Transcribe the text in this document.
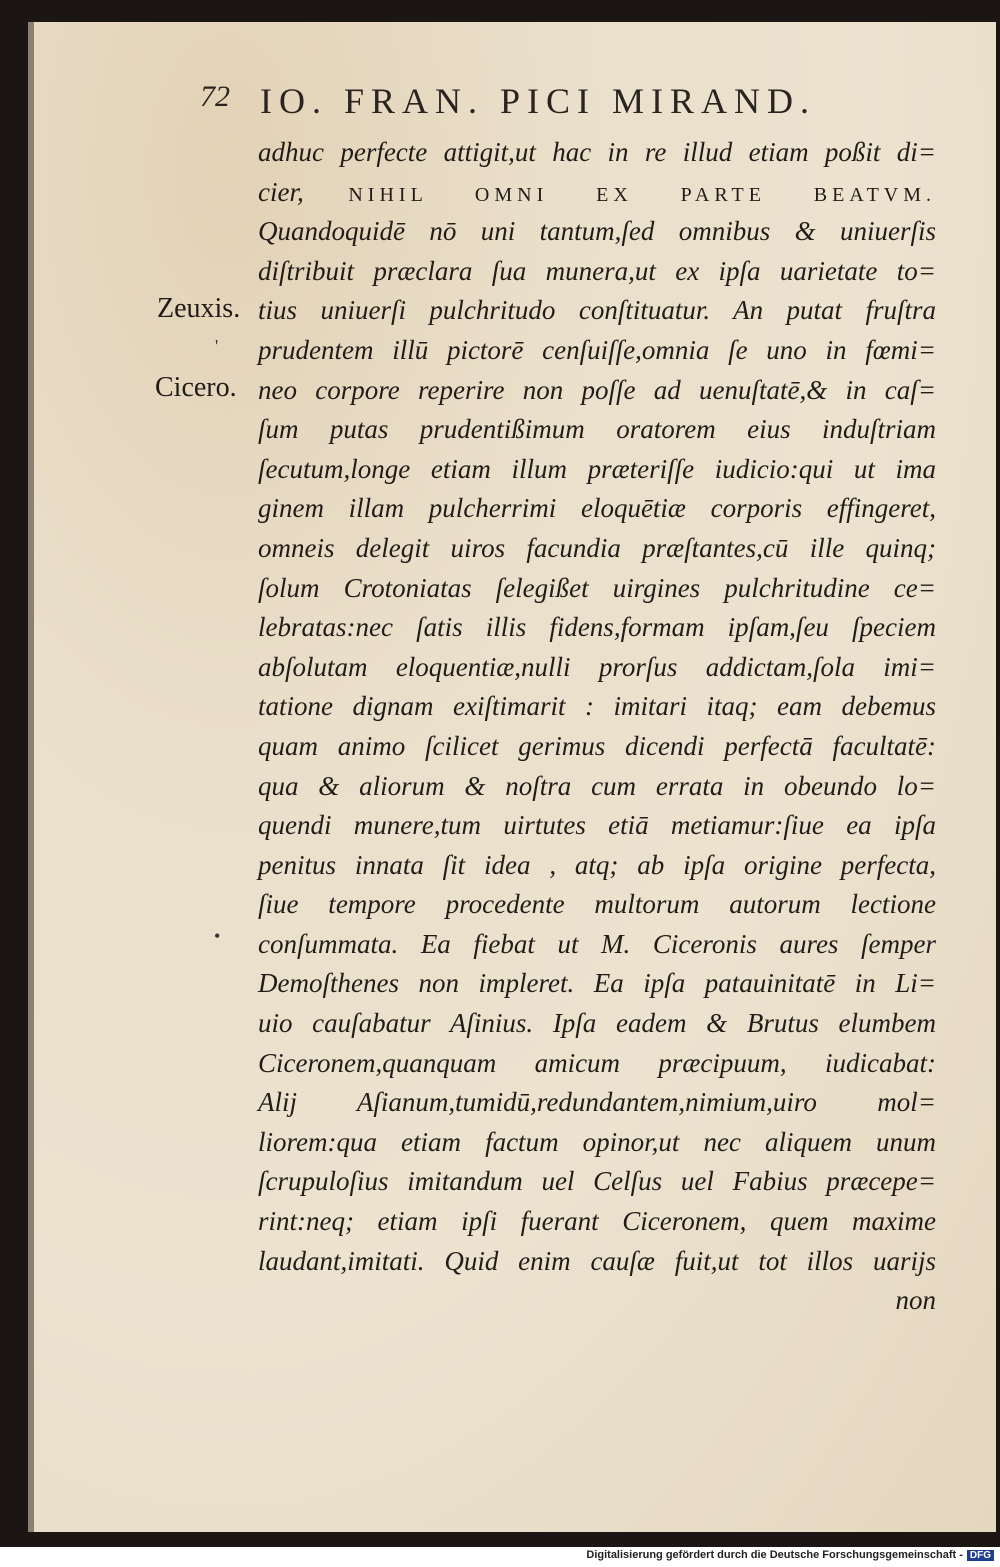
72 IO. FRAN. PICI MIRAND.
Zeuxis.
Cicero.
'
•
adhuc perfecte attigit,ut hac in re illud etiam poßit di=
cier, NIHIL OMNI EX PARTE BEATVM.
Quandoquidē nō uni tantum,ſed omnibus & uniuerſis
diſtribuit præclara ſua munera,ut ex ipſa uarietate to=
tius uniuerſi pulchritudo conſtituatur. An putat fruſtra
prudentem illū pictorē cenſuiſſe,omnia ſe uno in fœmi=
neo corpore reperire non poſſe ad uenuſtatē,& in caſ=
ſum putas prudentißimum oratorem eius induſtriam
ſecutum,longe etiam illum præteriſſe iudicio:qui ut ima
ginem illam pulcherrimi eloquētiæ corporis effingeret,
omneis delegit uiros facundia præſtantes,cū ille quinq;
ſolum Crotoniatas ſelegißet uirgines pulchritudine ce=
lebratas:nec ſatis illis fidens,formam ipſam,ſeu ſpeciem
abſolutam eloquentiæ,nulli prorſus addictam,ſola imi=
tatione dignam exiſtimarit : imitari itaq; eam debemus
quam animo ſcilicet gerimus dicendi perfectā facultatē:
qua & aliorum & noſtra cum errata in obeundo lo=
quendi munere,tum uirtutes etiā metiamur:ſiue ea ipſa
penitus innata ſit idea , atq; ab ipſa origine perfecta,
ſiue tempore procedente multorum autorum lectione
conſummata. Ea fiebat ut M. Ciceronis aures ſemper
Demoſthenes non impleret. Ea ipſa patauinitatē in Li=
uio cauſabatur Aſinius. Ipſa eadem & Brutus elumbem
Ciceronem,quanquam amicum præcipuum, iudicabat:
Alij Aſianum,tumidū,redundantem,nimium,uiro mol=
liorem:qua etiam factum opinor,ut nec aliquem unum
ſcrupuloſius imitandum uel Celſus uel Fabius præcepe=
rint:neq; etiam ipſi fuerant Ciceronem, quem maxime
laudant,imitati. Quid enim cauſæ fuit,ut tot illos uarijs
non
Digitalisierung gefördert durch die Deutsche Forschungsgemeinschaft - DFG
